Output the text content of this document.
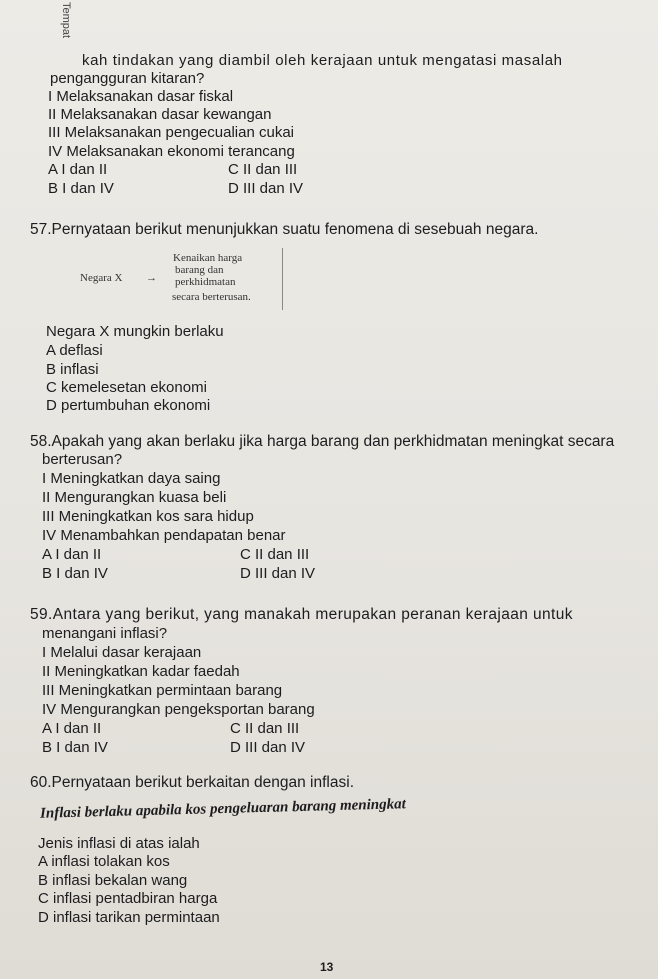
Tempat
kah tindakan yang diambil oleh kerajaan untuk mengatasi masalah
pengangguran kitaran?
I Melaksanakan dasar fiskal
II Melaksanakan dasar kewangan
III Melaksanakan pengecualian cukai
IV Melaksanakan ekonomi terancang
A I dan II	C II dan III
B I dan IV	D III dan IV
57.Pernyataan berikut menunjukkan suatu fenomena di sesebuah negara.
Negara X →
Kenaikan harga
barang dan
perkhidmatan
secara berterusan.
Negara X mungkin berlaku
A deflasi
B inflasi
C kemelesetan ekonomi
D pertumbuhan ekonomi
58.Apakah yang akan berlaku jika harga barang dan perkhidmatan meningkat secara
berterusan?
I Meningkatkan daya saing
II Mengurangkan kuasa beli
III Meningkatkan kos sara hidup
IV Menambahkan pendapatan benar
A I dan II	C II dan III
B I dan IV	D III dan IV
59.Antara yang berikut, yang manakah merupakan peranan kerajaan untuk
menangani inflasi?
I Melalui dasar kerajaan
II Meningkatkan kadar faedah
III Meningkatkan permintaan barang
IV Mengurangkan pengeksportan barang
A I dan II	C II dan III
B I dan IV	D III dan IV
60.Pernyataan berikut berkaitan dengan inflasi.
Inflasi berlaku apabila kos pengeluaran barang meningkat
Jenis inflasi di atas ialah
A inflasi tolakan kos
B inflasi bekalan wang
C inflasi pentadbiran harga
D inflasi tarikan permintaan
13
